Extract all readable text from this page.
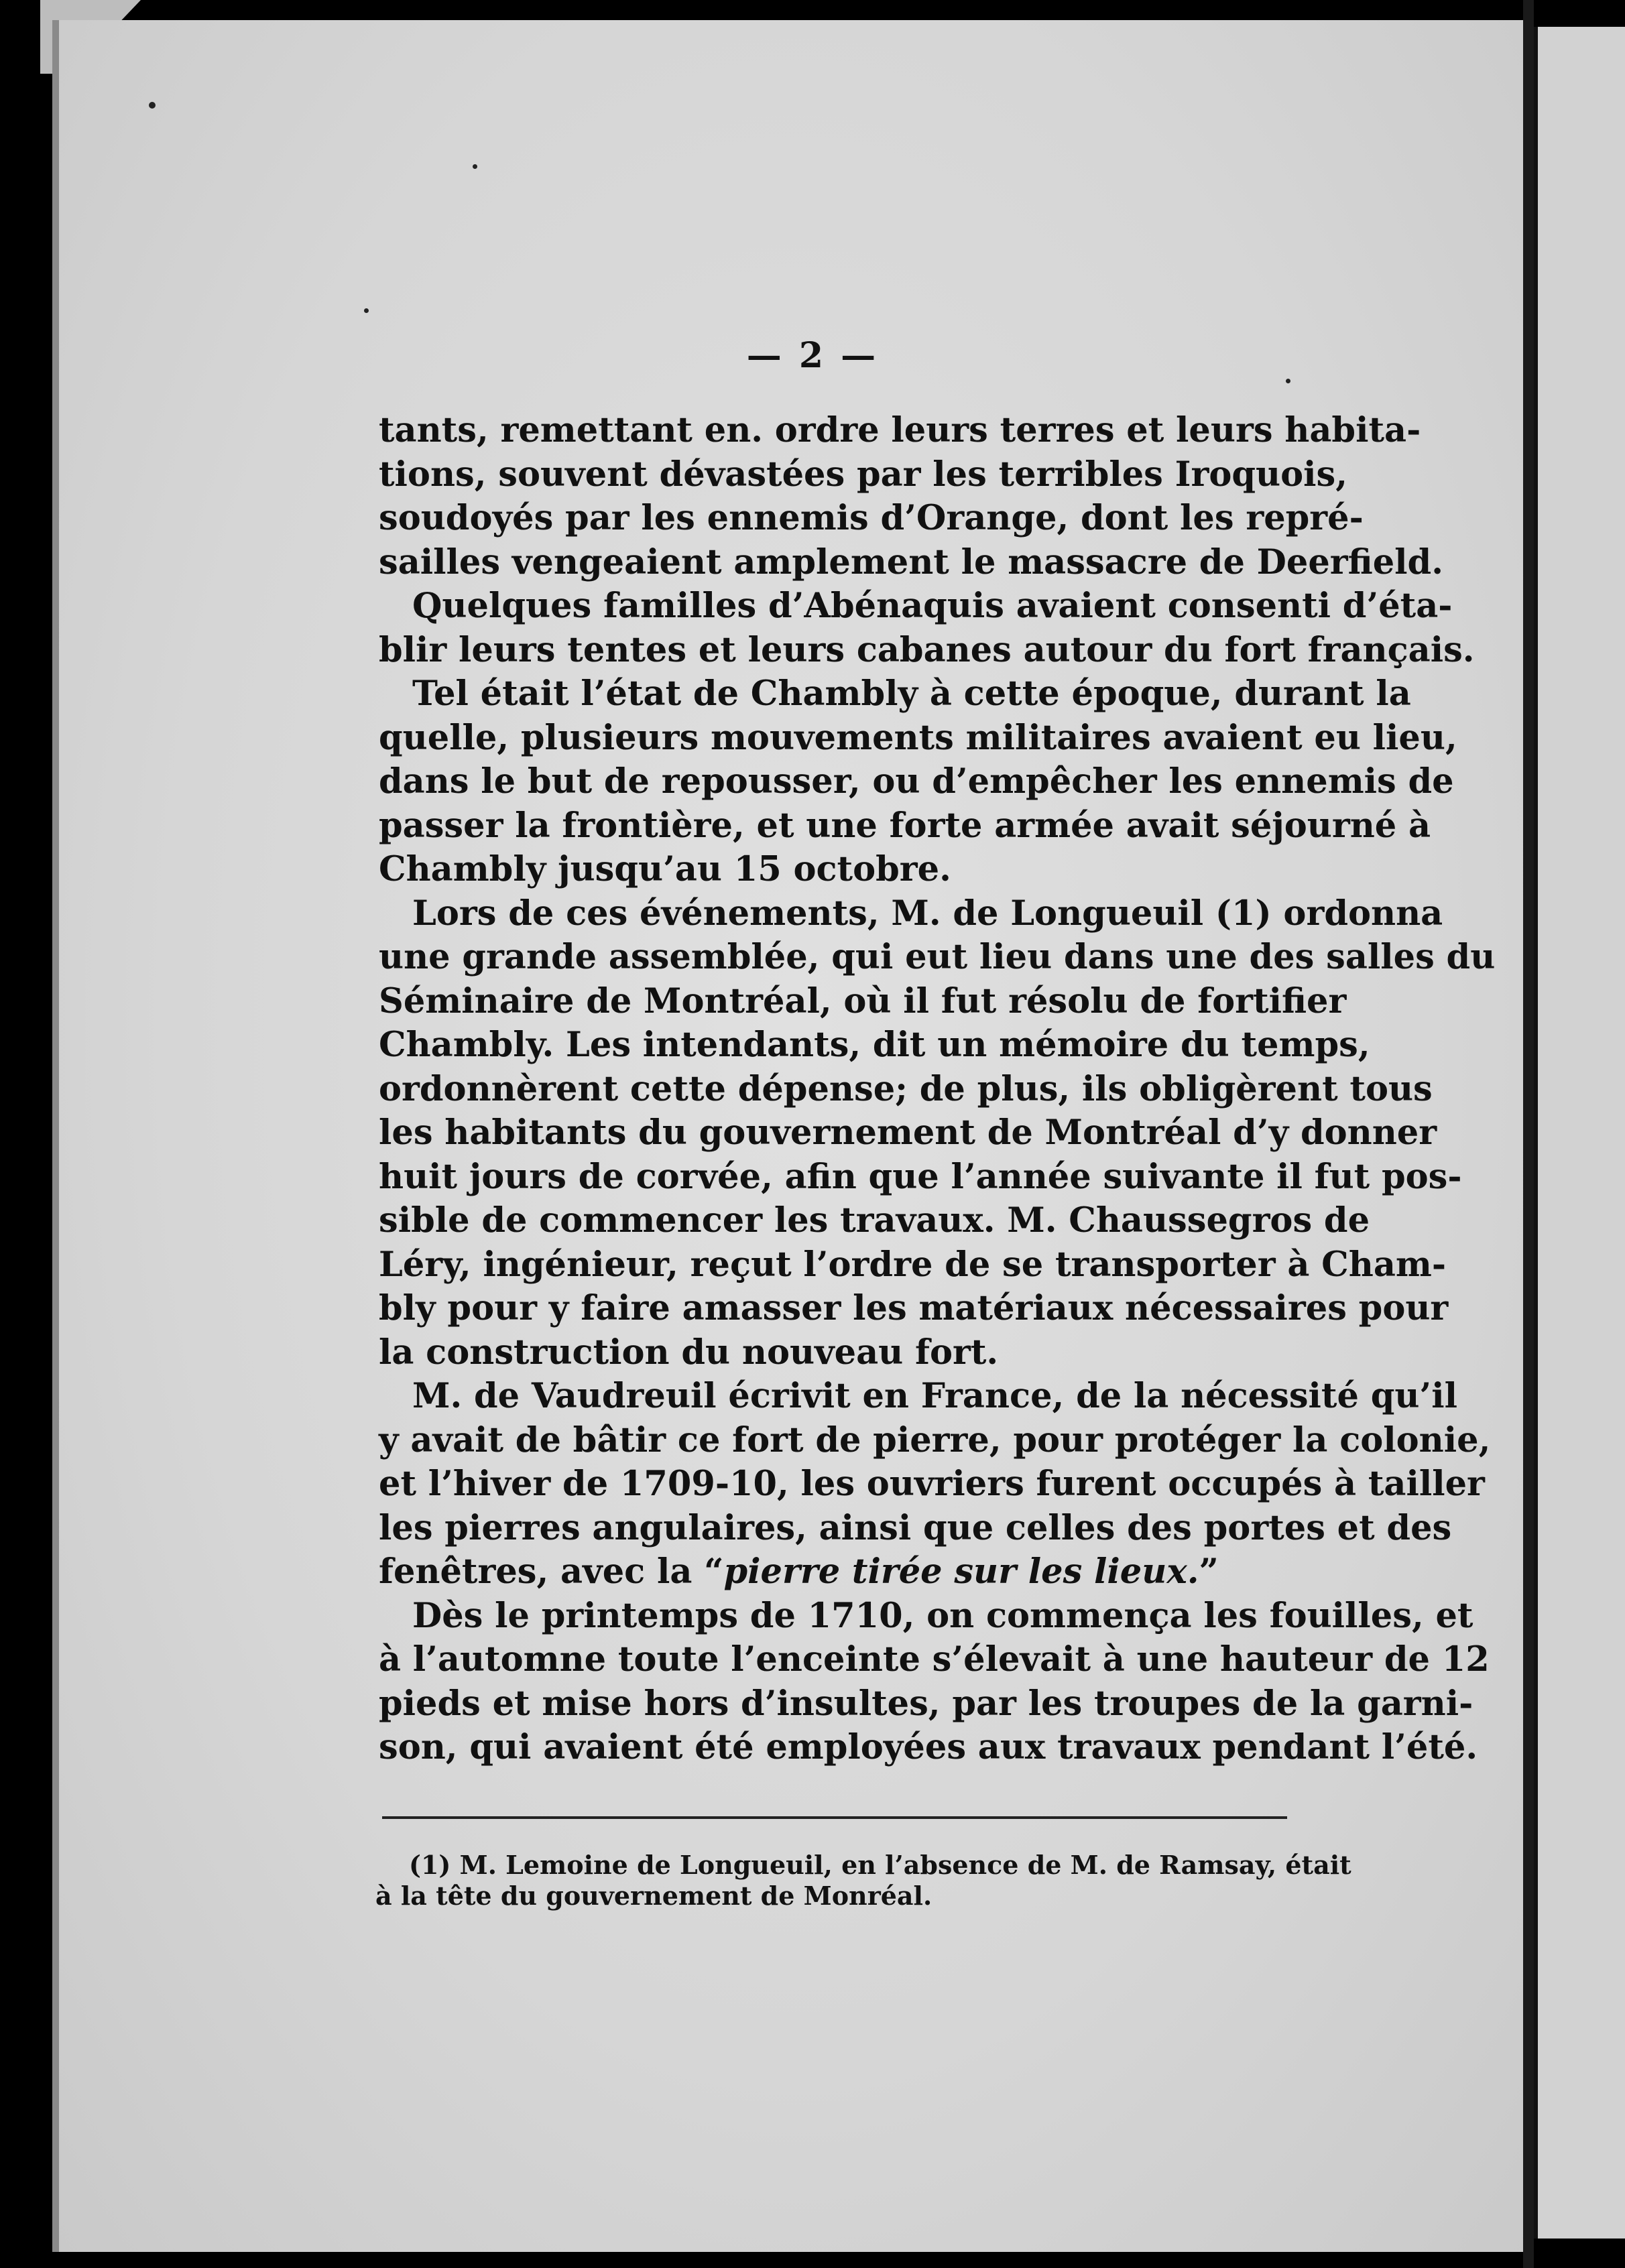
— 2 —
tants, remettant en. ordre leurs terres et leurs habita-
tions, souvent dévastées par les terribles Iroquois,
soudoyés par les ennemis d’Orange, dont les repré-
sailles vengeaient amplement le massacre de Deerfield.
Quelques familles d’Abénaquis avaient consenti d’éta-
blir leurs tentes et leurs cabanes autour du fort français.
Tel était l’état de Chambly à cette époque, durant la
quelle, plusieurs mouvements militaires avaient eu lieu,
dans le but de repousser, ou d’empêcher les ennemis de
passer la frontière, et une forte armée avait séjourné à
Chambly jusqu’au 15 octobre.
Lors de ces événements, M. de Longueuil (1) ordonna
une grande assemblée, qui eut lieu dans une des salles du
Séminaire de Montréal, où il fut résolu de fortifier
Chambly. Les intendants, dit un mémoire du temps,
ordonnèrent cette dépense; de plus, ils obligèrent tous
les habitants du gouvernement de Montréal d’y donner
huit jours de corvée, afin que l’année suivante il fut pos-
sible de commencer les travaux. M. Chaussegros de
Léry, ingénieur, reçut l’ordre de se transporter à Cham-
bly pour y faire amasser les matériaux nécessaires pour
la construction du nouveau fort.
M. de Vaudreuil écrivit en France, de la nécessité qu’il
y avait de bâtir ce fort de pierre, pour protéger la colonie,
et l’hiver de 1709-10, les ouvriers furent occupés à tailler
les pierres angulaires, ainsi que celles des portes et des
fenêtres, avec la “pierre tirée sur les lieux.”
Dès le printemps de 1710, on commença les fouilles, et
à l’automne toute l’enceinte s’élevait à une hauteur de 12
pieds et mise hors d’insultes, par les troupes de la garni-
son, qui avaient été employées aux travaux pendant l’été.
(1) M. Lemoine de Longueuil, en l’absence de M. de Ramsay, était
à la tête du gouvernement de Monréal.
